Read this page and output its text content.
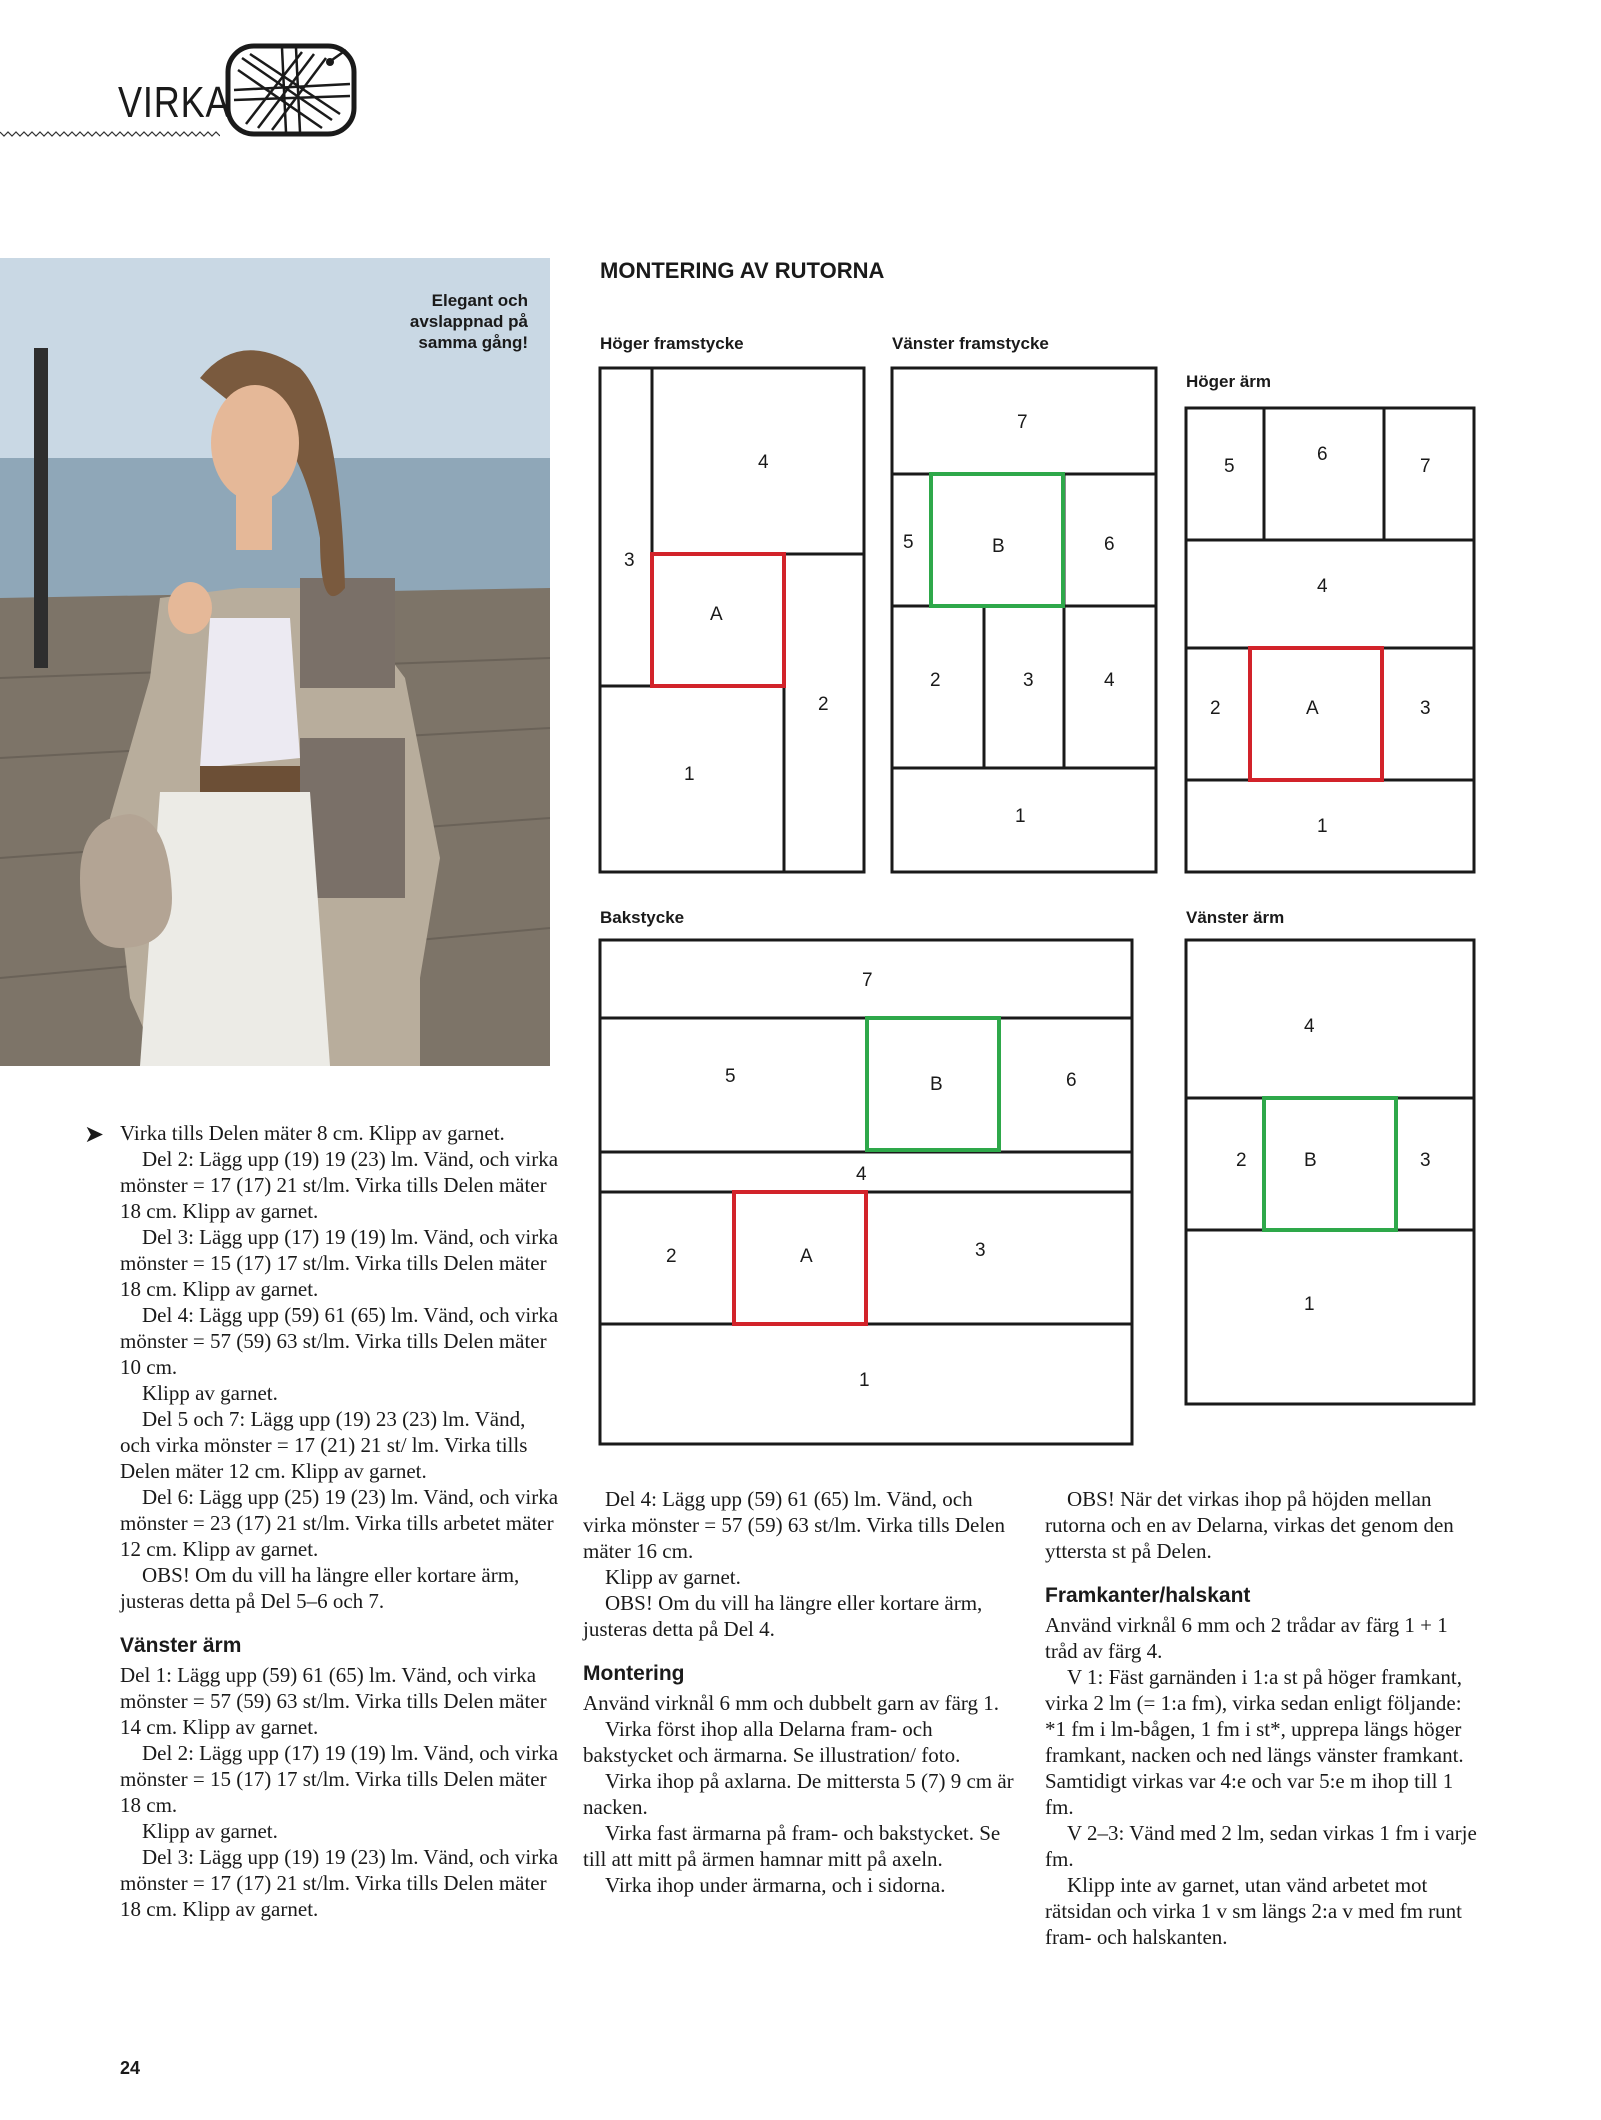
VIRKA
Elegant och avslappnad på samma gång!
MONTERING AV RUTORNA
Höger framstycke	Vänster framstycke
Höger ärm
Bakstycke	Vänster ärm
4
3
A
2
1
7
5	B	6
2	3	4
1
5
6
7
4
2	A	3
1
7
5	B	6
4
2	A	3
1
4
2	B	3
1
➤ Virka tills Delen mäter 8 cm. Klipp av garnet.

Del 2: Lägg upp (19) 19 (23) lm. Vänd, och virka mönster = 17 (17) 21 st/lm. Virka tills Delen mäter 18 cm. Klipp av garnet.

Del 3: Lägg upp (17) 19 (19) lm. Vänd, och virka mönster = 15 (17) 17 st/lm. Virka tills Delen mäter 18 cm. Klipp av garnet.

Del 4: Lägg upp (59) 61 (65) lm. Vänd, och virka mönster = 57 (59) 63 st/lm. Virka tills Delen mäter 10 cm.

Klipp av garnet.

Del 5 och 7: Lägg upp (19) 23 (23) lm. Vänd, och virka mönster = 17 (21) 21 st/ lm. Virka tills Delen mäter 12 cm. Klipp av garnet.

Del 6: Lägg upp (25) 19 (23) lm. Vänd, och virka mönster = 23 (17) 21 st/lm. Virka tills arbetet mäter 12 cm. Klipp av garnet.

OBS! Om du vill ha längre eller kortare ärm, justeras detta på Del 5–6 och 7.

Vänster ärm

Del 1: Lägg upp (59) 61 (65) lm. Vänd, och virka mönster = 57 (59) 63 st/lm. Virka tills Delen mäter 14 cm. Klipp av garnet.

Del 2: Lägg upp (17) 19 (19) lm. Vänd, och virka mönster = 15 (17) 17 st/lm. Virka tills Delen mäter 18 cm.

Klipp av garnet.

Del 3: Lägg upp (19) 19 (23) lm. Vänd, och virka mönster = 17 (17) 21 st/lm. Virka tills Delen mäter 18 cm. Klipp av garnet.

Del 4: Lägg upp (59) 61 (65) lm. Vänd, och virka mönster = 57 (59) 63 st/lm. Virka tills Delen mäter 16 cm.

Klipp av garnet.

OBS! Om du vill ha längre eller kortare ärm, justeras detta på Del 4.

Montering

Använd virknål 6 mm och dubbelt garn av färg 1.

Virka först ihop alla Delarna fram- och bakstycket och ärmarna. Se illustration/ foto.

Virka ihop på axlarna. De mittersta 5 (7) 9 cm är nacken.

Virka fast ärmarna på fram- och bakstycket. Se till att mitt på ärmen hamnar mitt på axeln.

Virka ihop under ärmarna, och i sidorna.

OBS! När det virkas ihop på höjden mellan rutorna och en av Delarna, virkas det genom den yttersta st på Delen.

Framkanter/halskant

Använd virknål 6 mm och 2 trådar av färg 1 + 1 tråd av färg 4.

V 1: Fäst garnänden i 1:a st på höger framkant, virka 2 lm (= 1:a fm), virka sedan enligt följande: *1 fm i lm-bågen, 1 fm i st*, upprepa längs höger framkant, nacken och ned längs vänster framkant. Samtidigt virkas var 4:e och var 5:e m ihop till 1 fm.

V 2–3: Vänd med 2 lm, sedan virkas 1 fm i varje fm.

Klipp inte av garnet, utan vänd arbetet mot rätsidan och virka 1 v sm längs 2:a v med fm runt fram- och halskanten.

24
